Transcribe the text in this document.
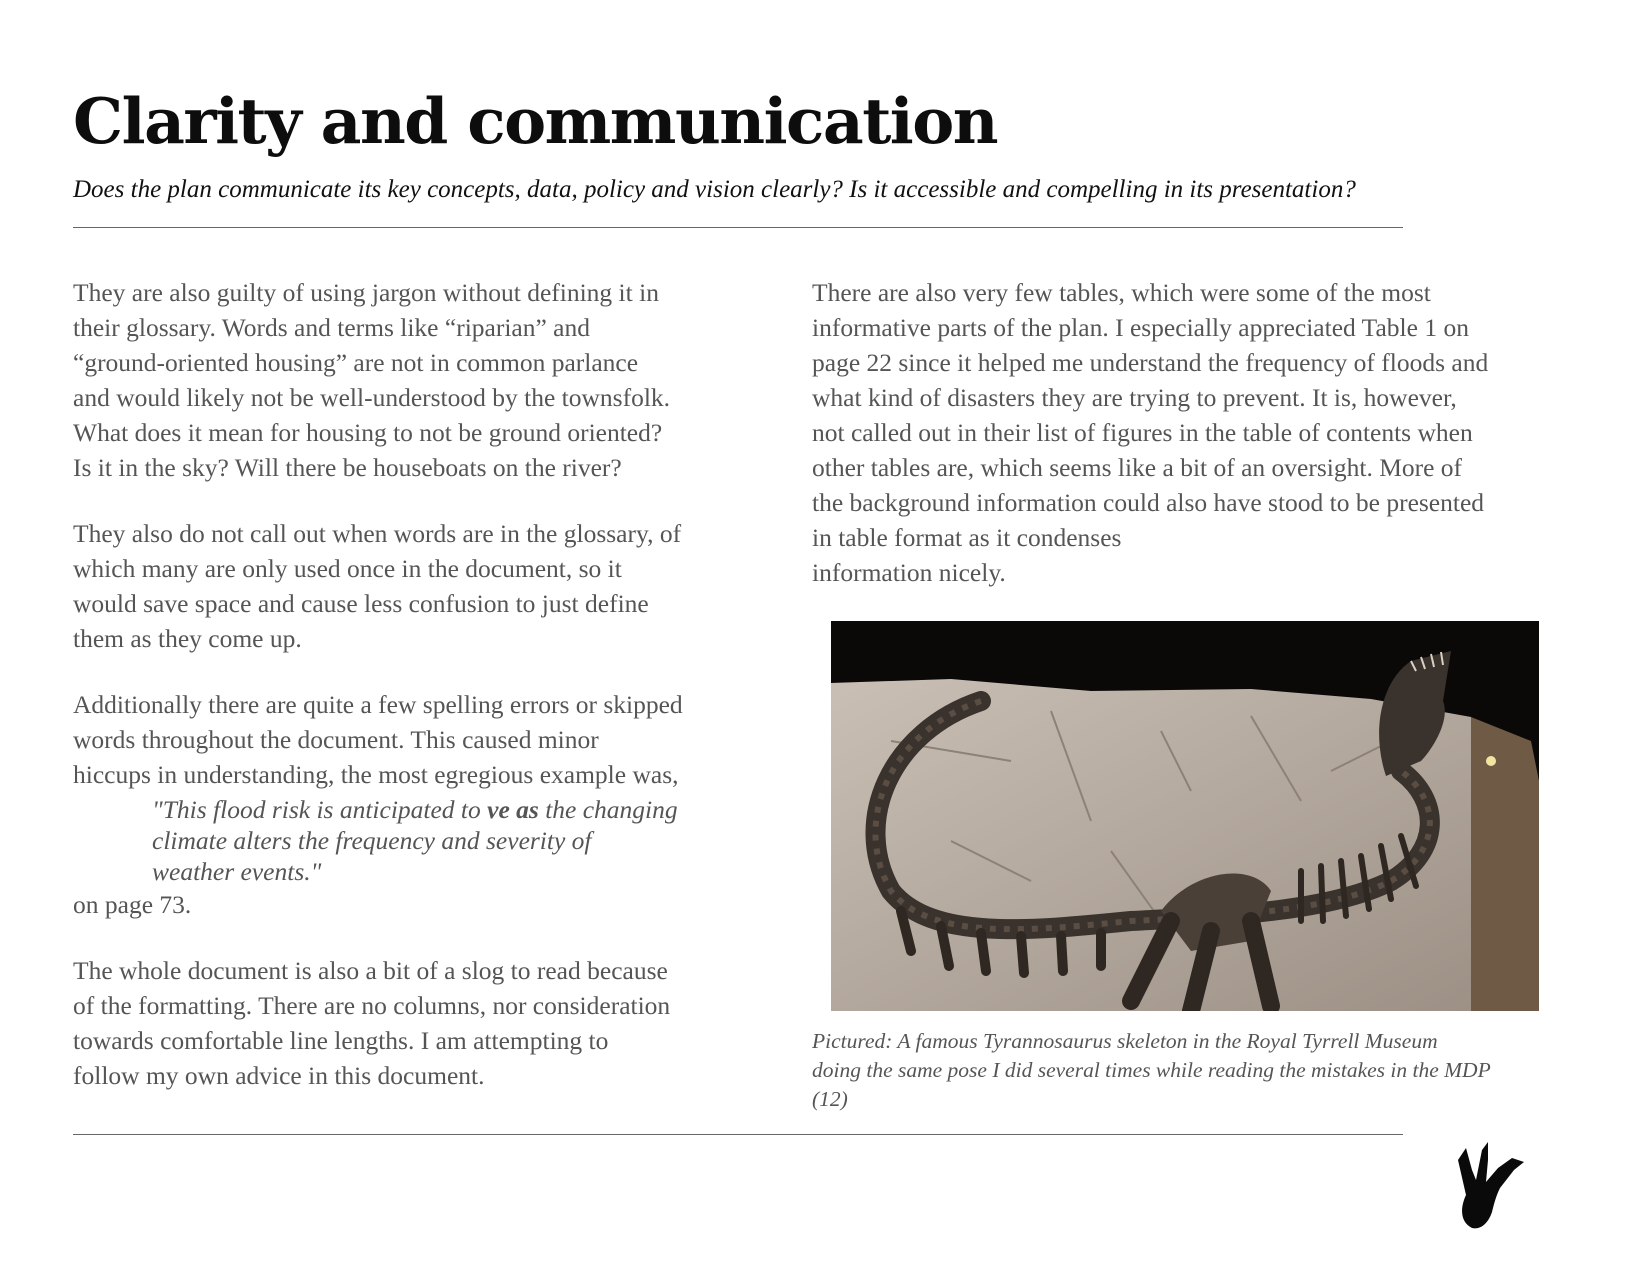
Clarity and communication
Does the plan communicate its key concepts, data, policy and vision clearly? Is it accessible and compelling in its presentation?

They are also guilty of using jargon without defining it in
their glossary. Words and terms like “riparian” and
“ground-oriented housing” are not in common parlance
and would likely not be well-understood by the townsfolk.
What does it mean for housing to not be ground oriented?
Is it in the sky? Will there be houseboats on the river?

They also do not call out when words are in the glossary, of
which many are only used once in the document, so it
would save space and cause less confusion to just define
them as they come up.

Additionally there are quite a few spelling errors or skipped
words throughout the document. This caused minor
hiccups in understanding, the most egregious example was,

"This flood risk is anticipated to ve as the changing
climate alters the frequency and severity of
weather events."

on page 73.

The whole document is also a bit of a slog to read because
of the formatting. There are no columns, nor consideration
towards comfortable line lengths. I am attempting to
follow my own advice in this document.

There are also very few tables, which were some of the most
informative parts of the plan. I especially appreciated Table 1 on
page 22 since it helped me understand the frequency of floods and
what kind of disasters they are trying to prevent. It is, however,
not called out in their list of figures in the table of contents when
other tables are, which seems like a bit of an oversight. More of
the background information could also have stood to be presented
in table format as it condenses
information nicely.

Pictured: A famous Tyrannosaurus skeleton in the Royal Tyrrell Museum
doing the same pose I did several times while reading the mistakes in the MDP
(12)
